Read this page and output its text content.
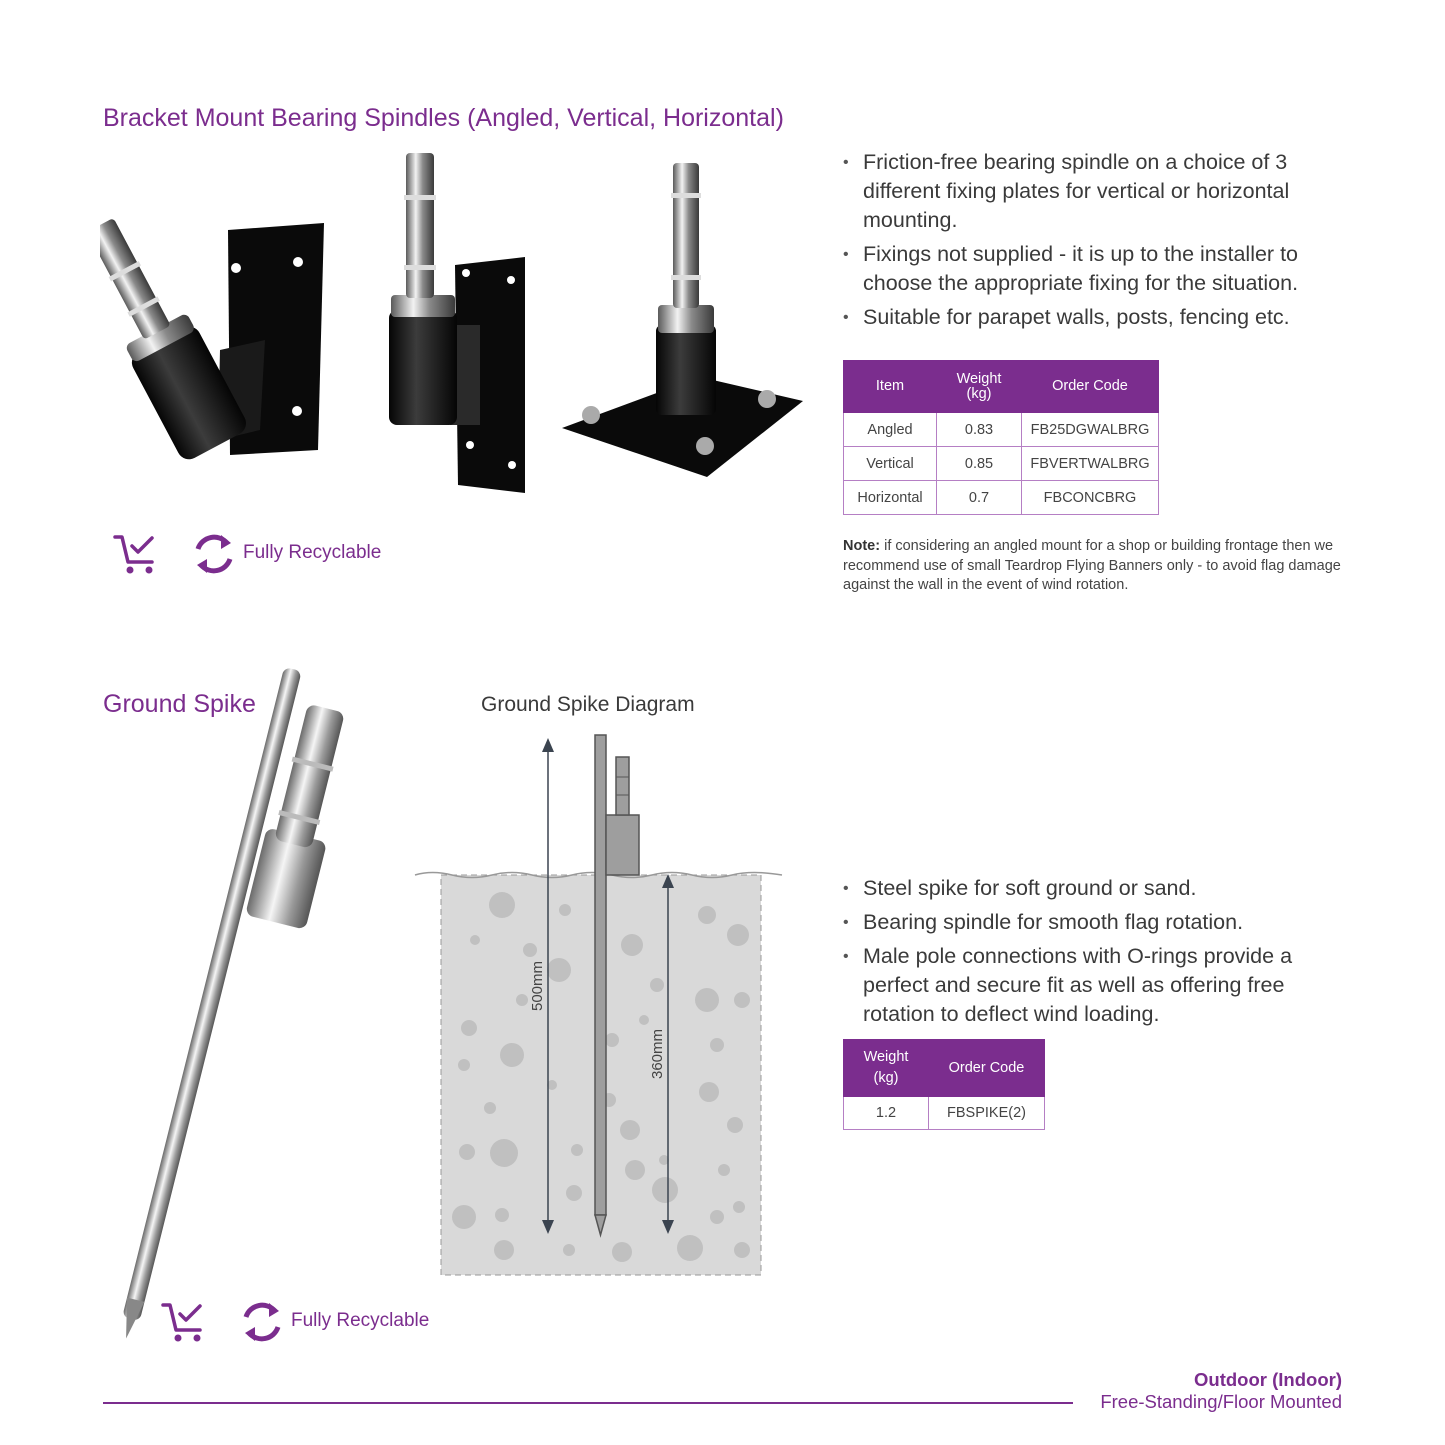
Bracket Mount Bearing Spindles (Angled, Vertical, Horizontal)
• Friction-free bearing spindle on a choice of 3 different fixing plates for vertical or horizontal mounting.
• Fixings not supplied - it is up to the installer to choose the appropriate fixing for the situation.
• Suitable for parapet walls, posts, fencing etc.
Item	Weight (kg)	Order Code
Angled	0.83	FB25DGWALBRG
Vertical	0.85	FBVERTWALBRG
Horizontal	0.7	FBCONCBRG
Note: if considering an angled mount for a shop or building frontage then we recommend use of small Teardrop Flying Banners only - to avoid flag damage against the wall in the event of wind rotation.
Fully Recyclable
Ground Spike	Ground Spike Diagram
500mm
360mm
• Steel spike for soft ground or sand.
• Bearing spindle for smooth flag rotation.
• Male pole connections with O-rings provide a perfect and secure fit as well as offering free rotation to deflect wind loading.
Weight (kg)	Order Code
1.2	FBSPIKE(2)
Fully Recyclable
Outdoor (Indoor)
Free-Standing/Floor Mounted
